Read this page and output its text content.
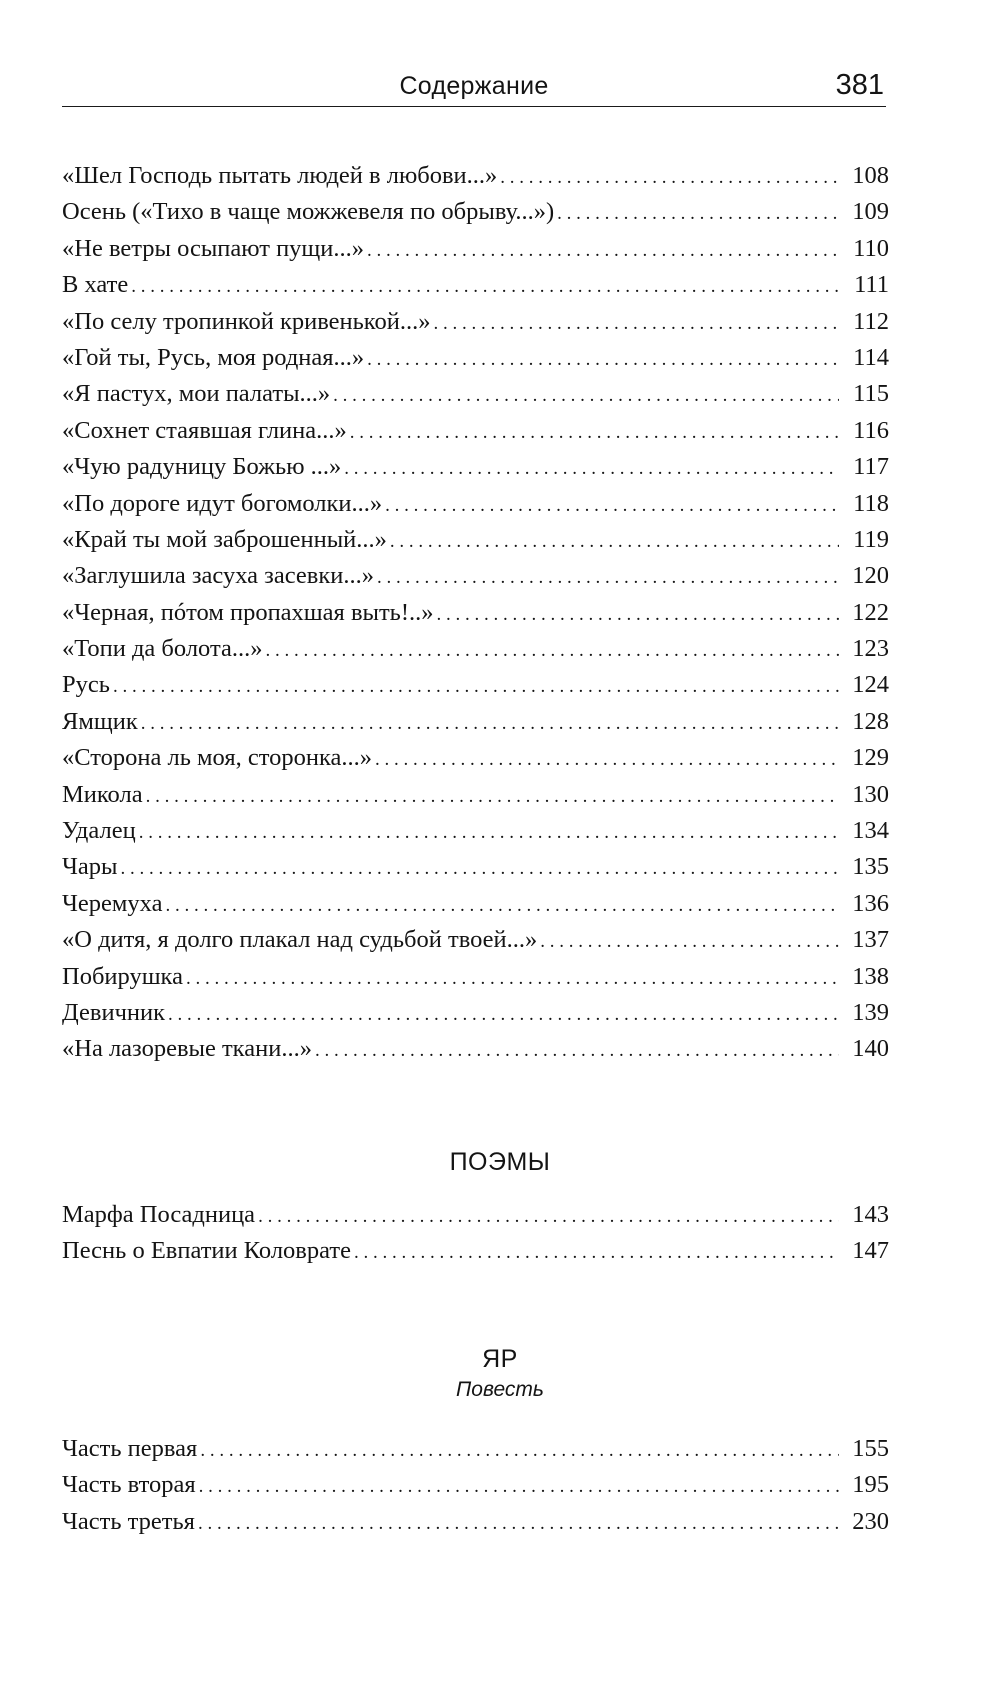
Содержание	381
«Шел Господь пытать людей в любови...» . . .	108
Осень («Тихо в чаще можжевеля по обрыву...») . . .	109
«Не ветры осыпают пущи...» . . .	110
В хате . . .	111
«По селу тропинкой кривенькой...» . . .	112
«Гой ты, Русь, моя родная...» . . .	114
«Я пастух, мои палаты...» . . .	115
«Сохнет стаявшая глина...» . . .	116
«Чую радуницу Божью ...» . . .	117
«По дороге идут богомолки...» . . .	118
«Край ты мой заброшенный...» . . .	119
«Заглушила засуха засевки...» . . .	120
«Черная, пóтом пропахшая выть!..» . . .	122
«Топи да болота...» . . .	123
Русь . . .	124
Ямщик . . .	128
«Сторона ль моя, сторонка...» . . .	129
Микола . . .	130
Удалец . . .	134
Чары . . .	135
Черемуха . . .	136
«О дитя, я долго плакал над судьбой твоей...» . . .	137
Побирушка . . .	138
Девичник . . .	139
«На лазоревые ткани...» . . .	140
ПОЭМЫ
Марфа Посадница . . .	143
Песнь о Евпатии Коловрате . . .	147
ЯР
Повесть
Часть первая . . .	155
Часть вторая . . .	195
Часть третья . . .	230
